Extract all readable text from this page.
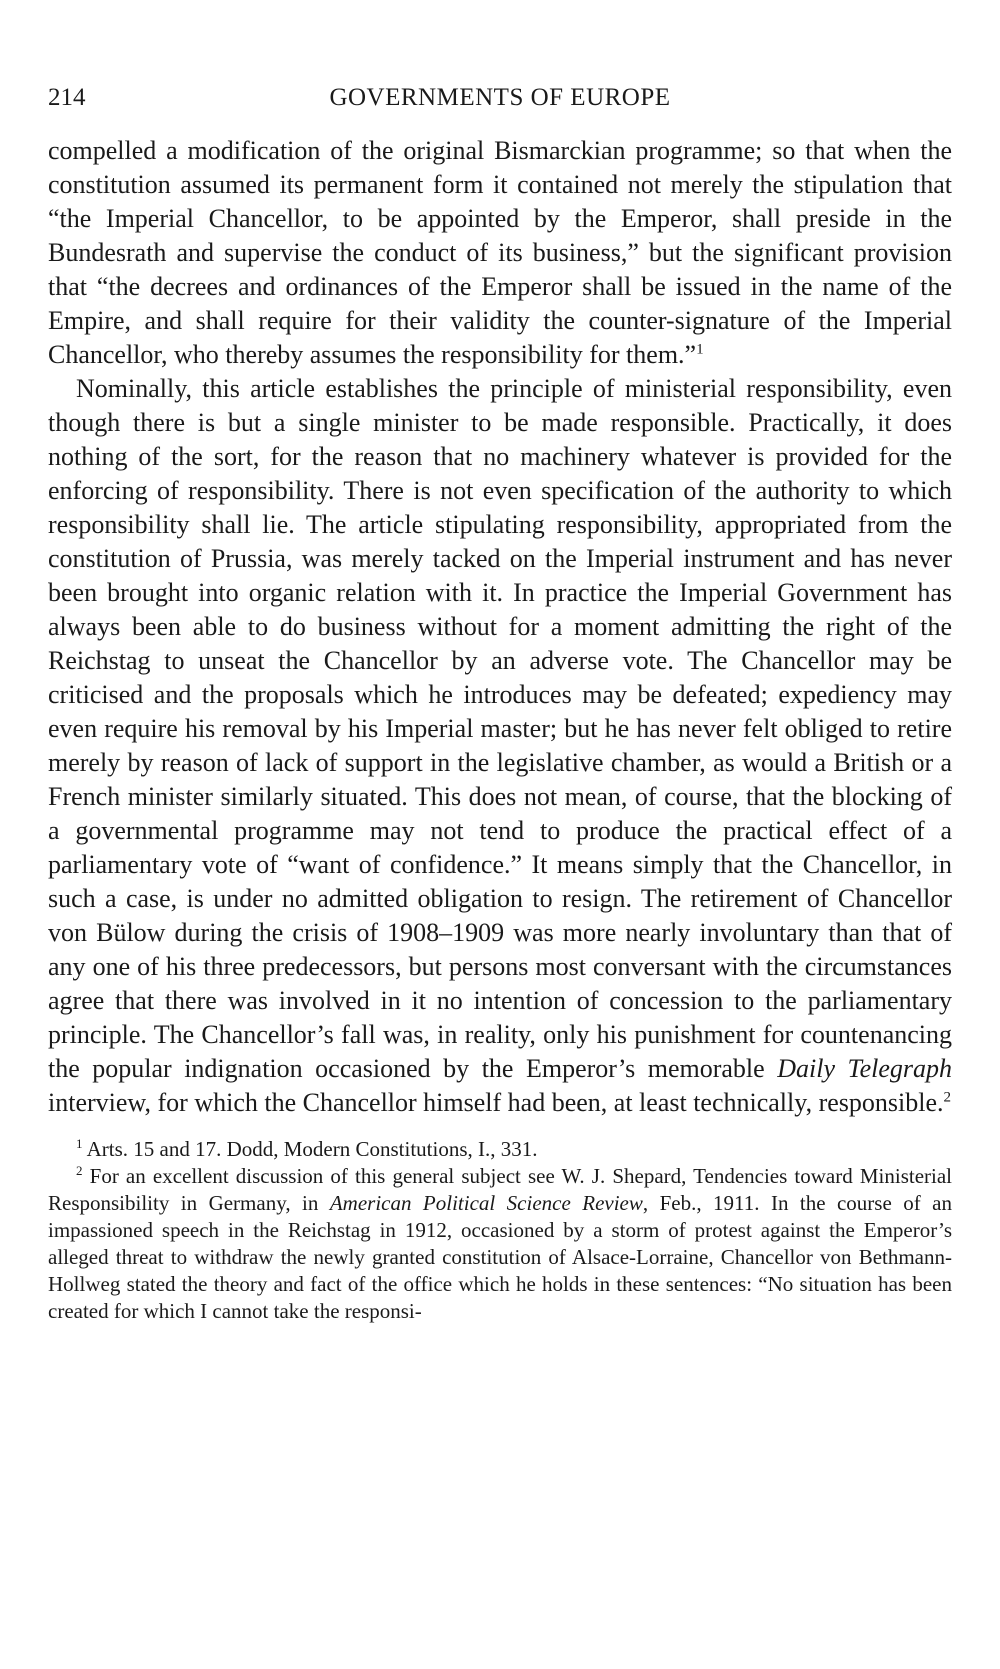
214	GOVERNMENTS OF EUROPE

compelled a modification of the original Bismarckian programme; so that when the constitution assumed its permanent form it contained not merely the stipulation that “the Imperial Chancellor, to be appointed by the Emperor, shall preside in the Bundesrath and supervise the conduct of its business,” but the significant provision that “the decrees and ordinances of the Emperor shall be issued in the name of the Empire, and shall require for their validity the counter-signature of the Imperial Chancellor, who thereby assumes the responsibility for them.”$^1$

Nominally, this article establishes the principle of ministerial responsibility, even though there is but a single minister to be made responsible. Practically, it does nothing of the sort, for the reason that no machinery whatever is provided for the enforcing of responsibility. There is not even specification of the authority to which responsibility shall lie. The article stipulating responsibility, appropriated from the constitution of Prussia, was merely tacked on the Imperial instrument and has never been brought into organic relation with it. In practice the Imperial Government has always been able to do business without for a moment admitting the right of the Reichstag to unseat the Chancellor by an adverse vote. The Chancellor may be criticised and the proposals which he introduces may be defeated; expediency may even require his removal by his Imperial master; but he has never felt obliged to retire merely by reason of lack of support in the legislative chamber, as would a British or a French minister similarly situated. This does not mean, of course, that the blocking of a governmental programme may not tend to produce the practical effect of a parliamentary vote of “want of confidence.” It means simply that the Chancellor, in such a case, is under no admitted obligation to resign. The retirement of Chancellor von Bülow during the crisis of 1908–1909 was more nearly involuntary than that of any one of his three predecessors, but persons most conversant with the circumstances agree that there was involved in it no intention of concession to the parliamentary principle. The Chancellor’s fall was, in reality, only his punishment for countenancing the popular indignation occasioned by the Emperor’s memorable Daily Telegraph interview, for which the Chancellor himself had been, at least technically, responsible.$^2$

$^1$ Arts. 15 and 17. Dodd, Modern Constitutions, I., 331.

$^2$ For an excellent discussion of this general subject see W. J. Shepard, Tendencies toward Ministerial Responsibility in Germany, in American Political Science Review, Feb., 1911. In the course of an impassioned speech in the Reichstag in 1912, occasioned by a storm of protest against the Emperor’s alleged threat to withdraw the newly granted constitution of Alsace-Lorraine, Chancellor von Bethmann-Hollweg stated the theory and fact of the office which he holds in these sentences: “No situation has been created for which I cannot take the responsi-
